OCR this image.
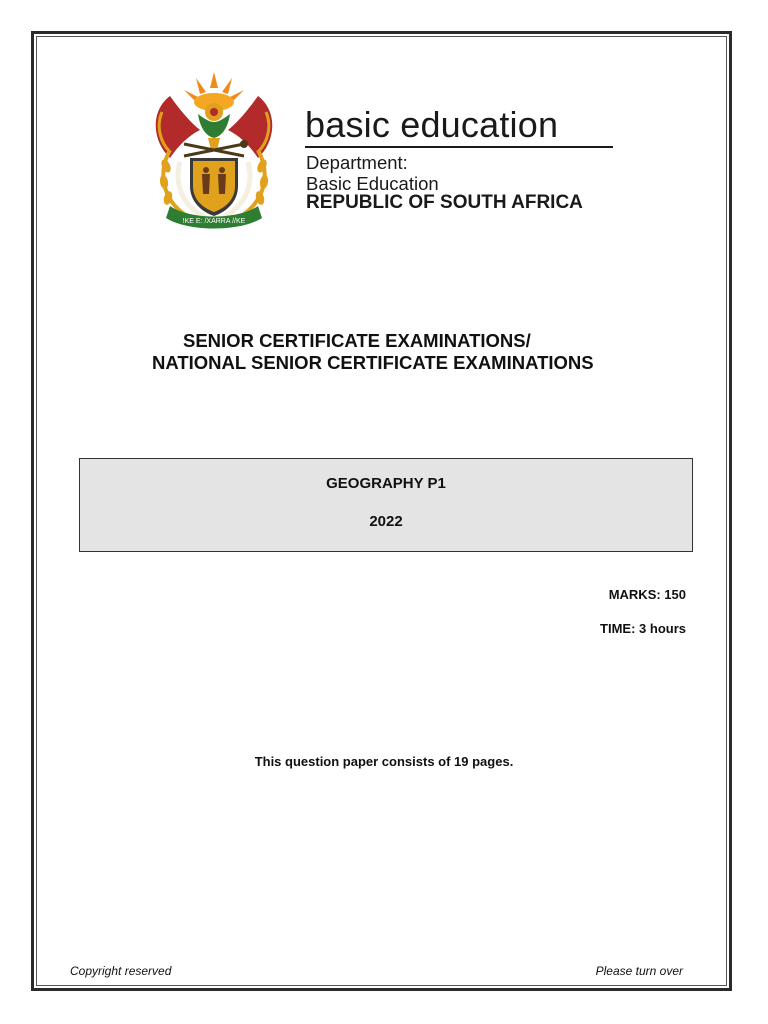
!KE E: /XARRA //KE
basic education
Department:
Basic Education
REPUBLIC OF SOUTH AFRICA
SENIOR CERTIFICATE EXAMINATIONS/
NATIONAL SENIOR CERTIFICATE EXAMINATIONS
GEOGRAPHY P1
2022
MARKS: 150
TIME: 3 hours
This question paper consists of 19 pages.
Copyright reserved	Please turn over
